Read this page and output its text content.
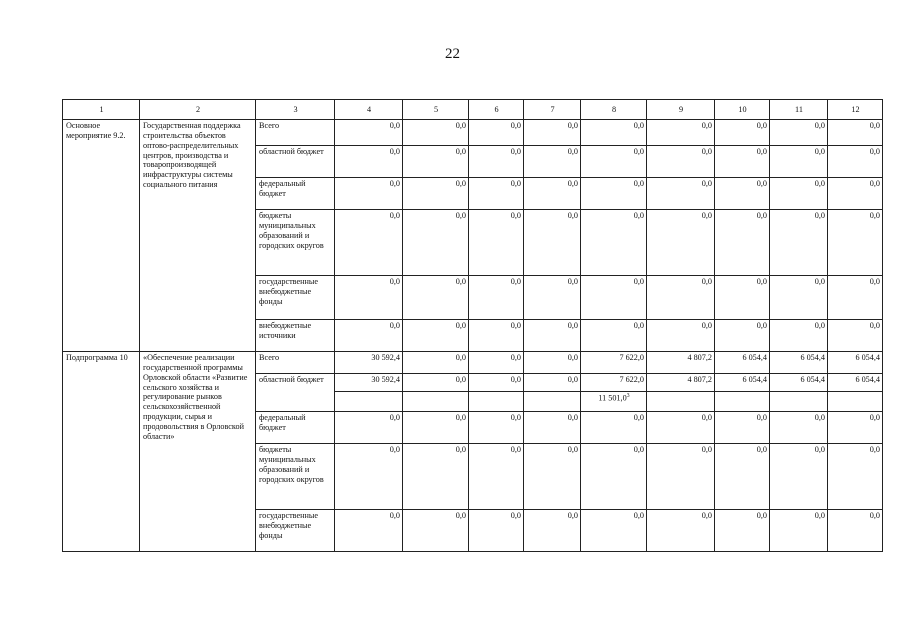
22
1	2	3	4	5	6	7	8	9	10	11	12
Основное мероприятие 9.2.	Государственная поддержка строительства объектов оптово-распределительных центров, производства и товаропроизводящей инфраструктуры системы социального питания	Всего	0,0	0,0	0,0	0,0	0,0	0,0	0,0	0,0	0,0
		областной бюджет	0,0	0,0	0,0	0,0	0,0	0,0	0,0	0,0	0,0
		федеральный бюджет	0,0	0,0	0,0	0,0	0,0	0,0	0,0	0,0	0,0
		бюджеты муниципальных образований и городских округов	0,0	0,0	0,0	0,0	0,0	0,0	0,0	0,0	0,0
		государственные внебюджетные фонды	0,0	0,0	0,0	0,0	0,0	0,0	0,0	0,0	0,0
		внебюджетные источники	0,0	0,0	0,0	0,0	0,0	0,0	0,0	0,0	0,0
Подпрограмма 10	«Обеспечение реализации государственной программы Орловской области «Развитие сельского хозяйства и регулирование рынков сельскохозяйственной продукции, сырья и продовольствия в Орловской области»	Всего	30 592,4	0,0	0,0	0,0	7 622,0	4 807,2	6 054,4	6 054,4	6 054,4
		областной бюджет	30 592,4	0,0	0,0	0,0	7 622,0	4 807,2	6 054,4	6 054,4	6 054,4
							11 501,0$^3$				
		федеральный бюджет	0,0	0,0	0,0	0,0	0,0	0,0	0,0	0,0	0,0
		бюджеты муниципальных образований и городских округов	0,0	0,0	0,0	0,0	0,0	0,0	0,0	0,0	0,0
		государственные внебюджетные фонды	0,0	0,0	0,0	0,0	0,0	0,0	0,0	0,0	0,0
